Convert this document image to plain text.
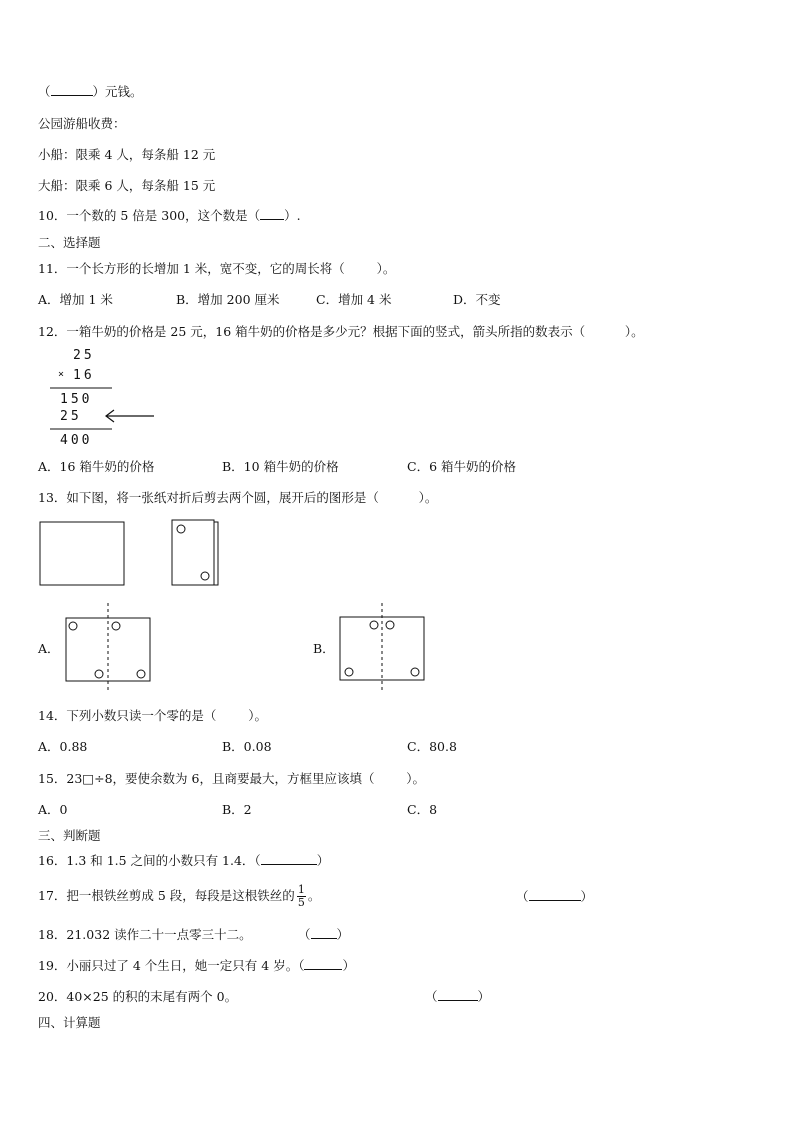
（	）元钱。
公园游船收费：
小船：限乘 4 人，每条船 12 元
大船：限乘 6 人，每条船 15 元
10．一个数的 5 倍是 300，这个数是（ ）.
二、选择题
11．一个长方形的长增加 1 米，宽不变，它的周长将（        ）。
A．增加 1 米	B．增加 200 厘米	C．增加 4 米	D．不变
12．一箱牛奶的价格是 25 元，16 箱牛奶的价格是多少元？根据下面的竖式，箭头所指的数表示（          ）。
25
× 16
150
25
400
A．16 箱牛奶的价格	B．10 箱牛奶的价格	C．6 箱牛奶的价格
13．如下图，将一张纸对折后剪去两个圆，展开后的图形是（          ）。
A．	B．
14．下列小数只读一个零的是（        ）。
A．0.88	B．0.08	C．80.8
15．23□÷8，要使余数为 6，且商要最大，方框里应该填（        ）。
A．0	B．2	C．8
三、判断题
16．1.3 和 1.5 之间的小数只有 1.4．（	）
17．把一根铁丝剪成 5 段，每段是这根铁丝的 $\frac{1}{5}$ 。	（	）
18．21.032 读作二十一点零三十二。	（ ）
19．小丽只过了 4 个生日，她一定只有 4 岁。（	）
20．40×25 的积的末尾有两个 0。	（	）
四、计算题
